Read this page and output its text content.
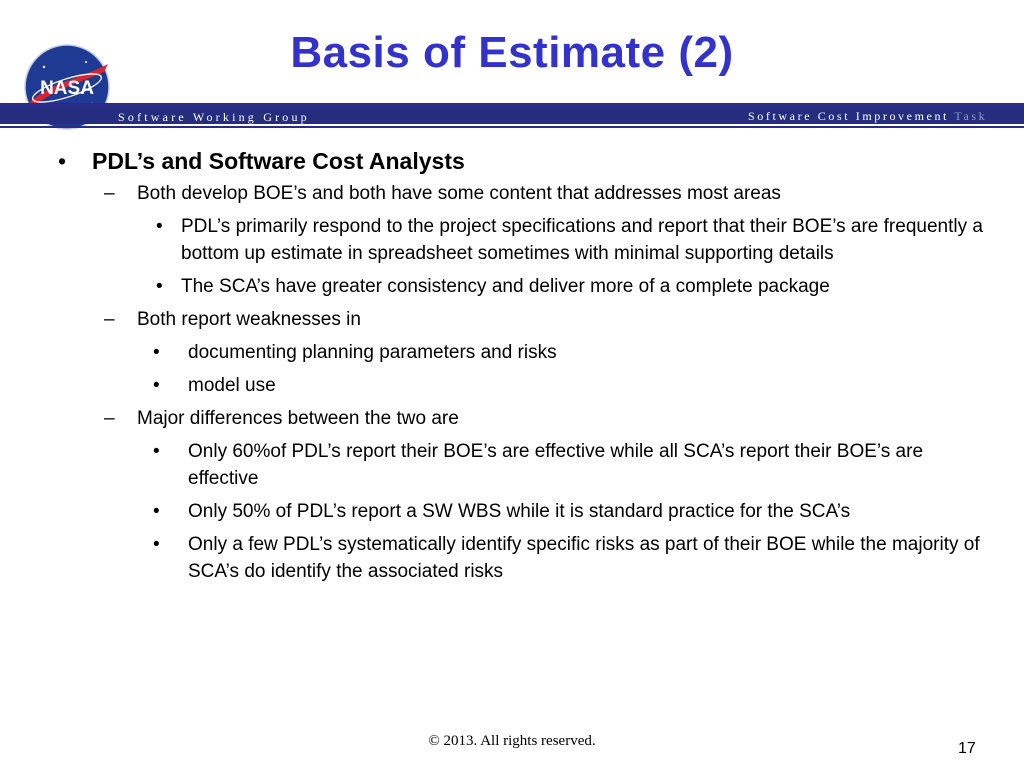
Basis of Estimate (2)
NASA
Software Working Group	Software Cost Improvement Task
• PDL’s and Software Cost Analysts
– Both develop BOE’s and both have some content that addresses most areas
• PDL’s primarily respond to the project specifications and report that their BOE’s are frequently a bottom up estimate in spreadsheet sometimes with minimal supporting details
• The SCA’s have greater consistency and deliver more of a complete package
– Both report weaknesses in
• documenting planning parameters and risks
• model use
– Major differences between the two are
• Only 60%of PDL’s report their BOE’s are effective while all SCA’s report their BOE’s are effective
• Only 50% of PDL’s report a SW WBS while it is standard practice for the SCA’s
• Only a few PDL’s systematically identify specific risks as part of their BOE while the majority of SCA’s do identify the associated risks
© 2013. All rights reserved.	17
